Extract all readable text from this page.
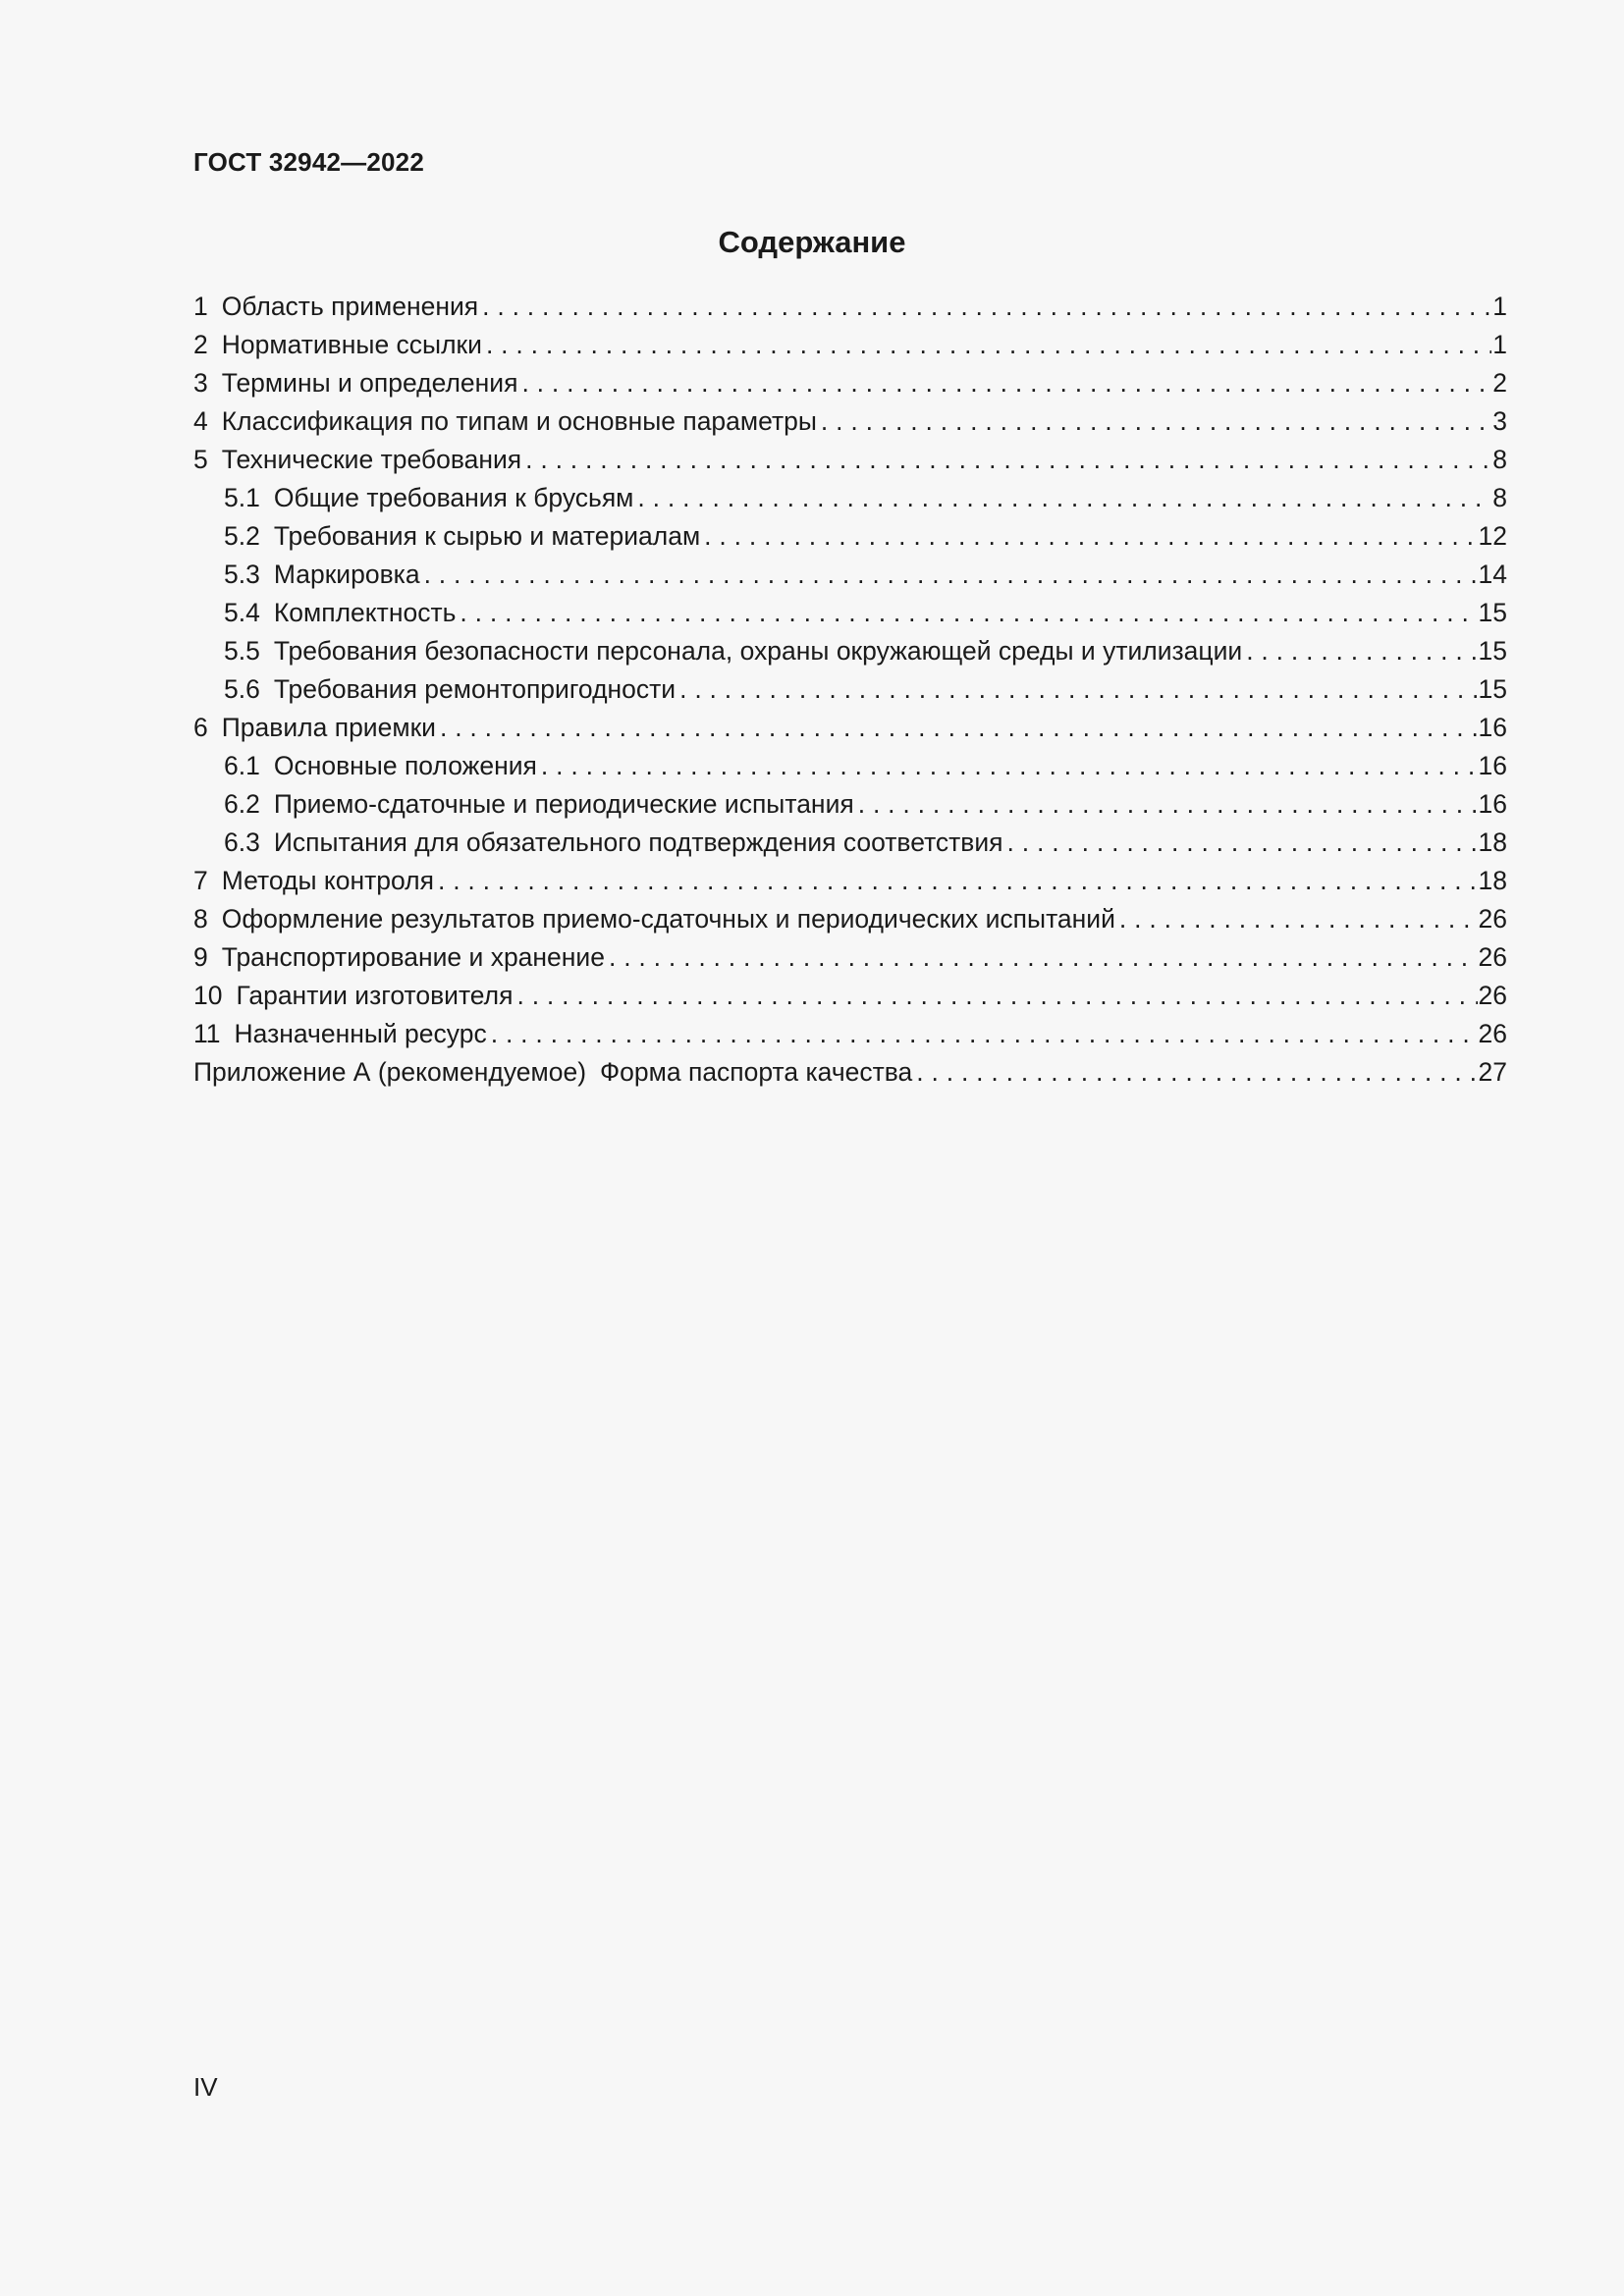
ГОСТ 32942—2022
Содержание
1 Область применения . . .	1
2 Нормативные ссылки . . .	1
3 Термины и определения . . .	2
4 Классификация по типам и основные параметры . . .	3
5 Технические требования . . .	8
5.1 Общие требования к брусьям . . .	8
5.2 Требования к сырью и материалам . . .	12
5.3 Маркировка . . .	14
5.4 Комплектность . . .	15
5.5 Требования безопасности персонала, охраны окружающей среды и утилизации . . .	15
5.6 Требования ремонтопригодности . . .	15
6 Правила приемки . . .	16
6.1 Основные положения . . .	16
6.2 Приемо-сдаточные и периодические испытания . . .	16
6.3 Испытания для обязательного подтверждения соответствия . . .	18
7 Методы контроля . . .	18
8 Оформление результатов приемо-сдаточных и периодических испытаний . . .	26
9 Транспортирование и хранение . . .	26
10 Гарантии изготовителя . . .	26
11 Назначенный ресурс . . .	26
Приложение А (рекомендуемое) Форма паспорта качества . . .	27
IV
